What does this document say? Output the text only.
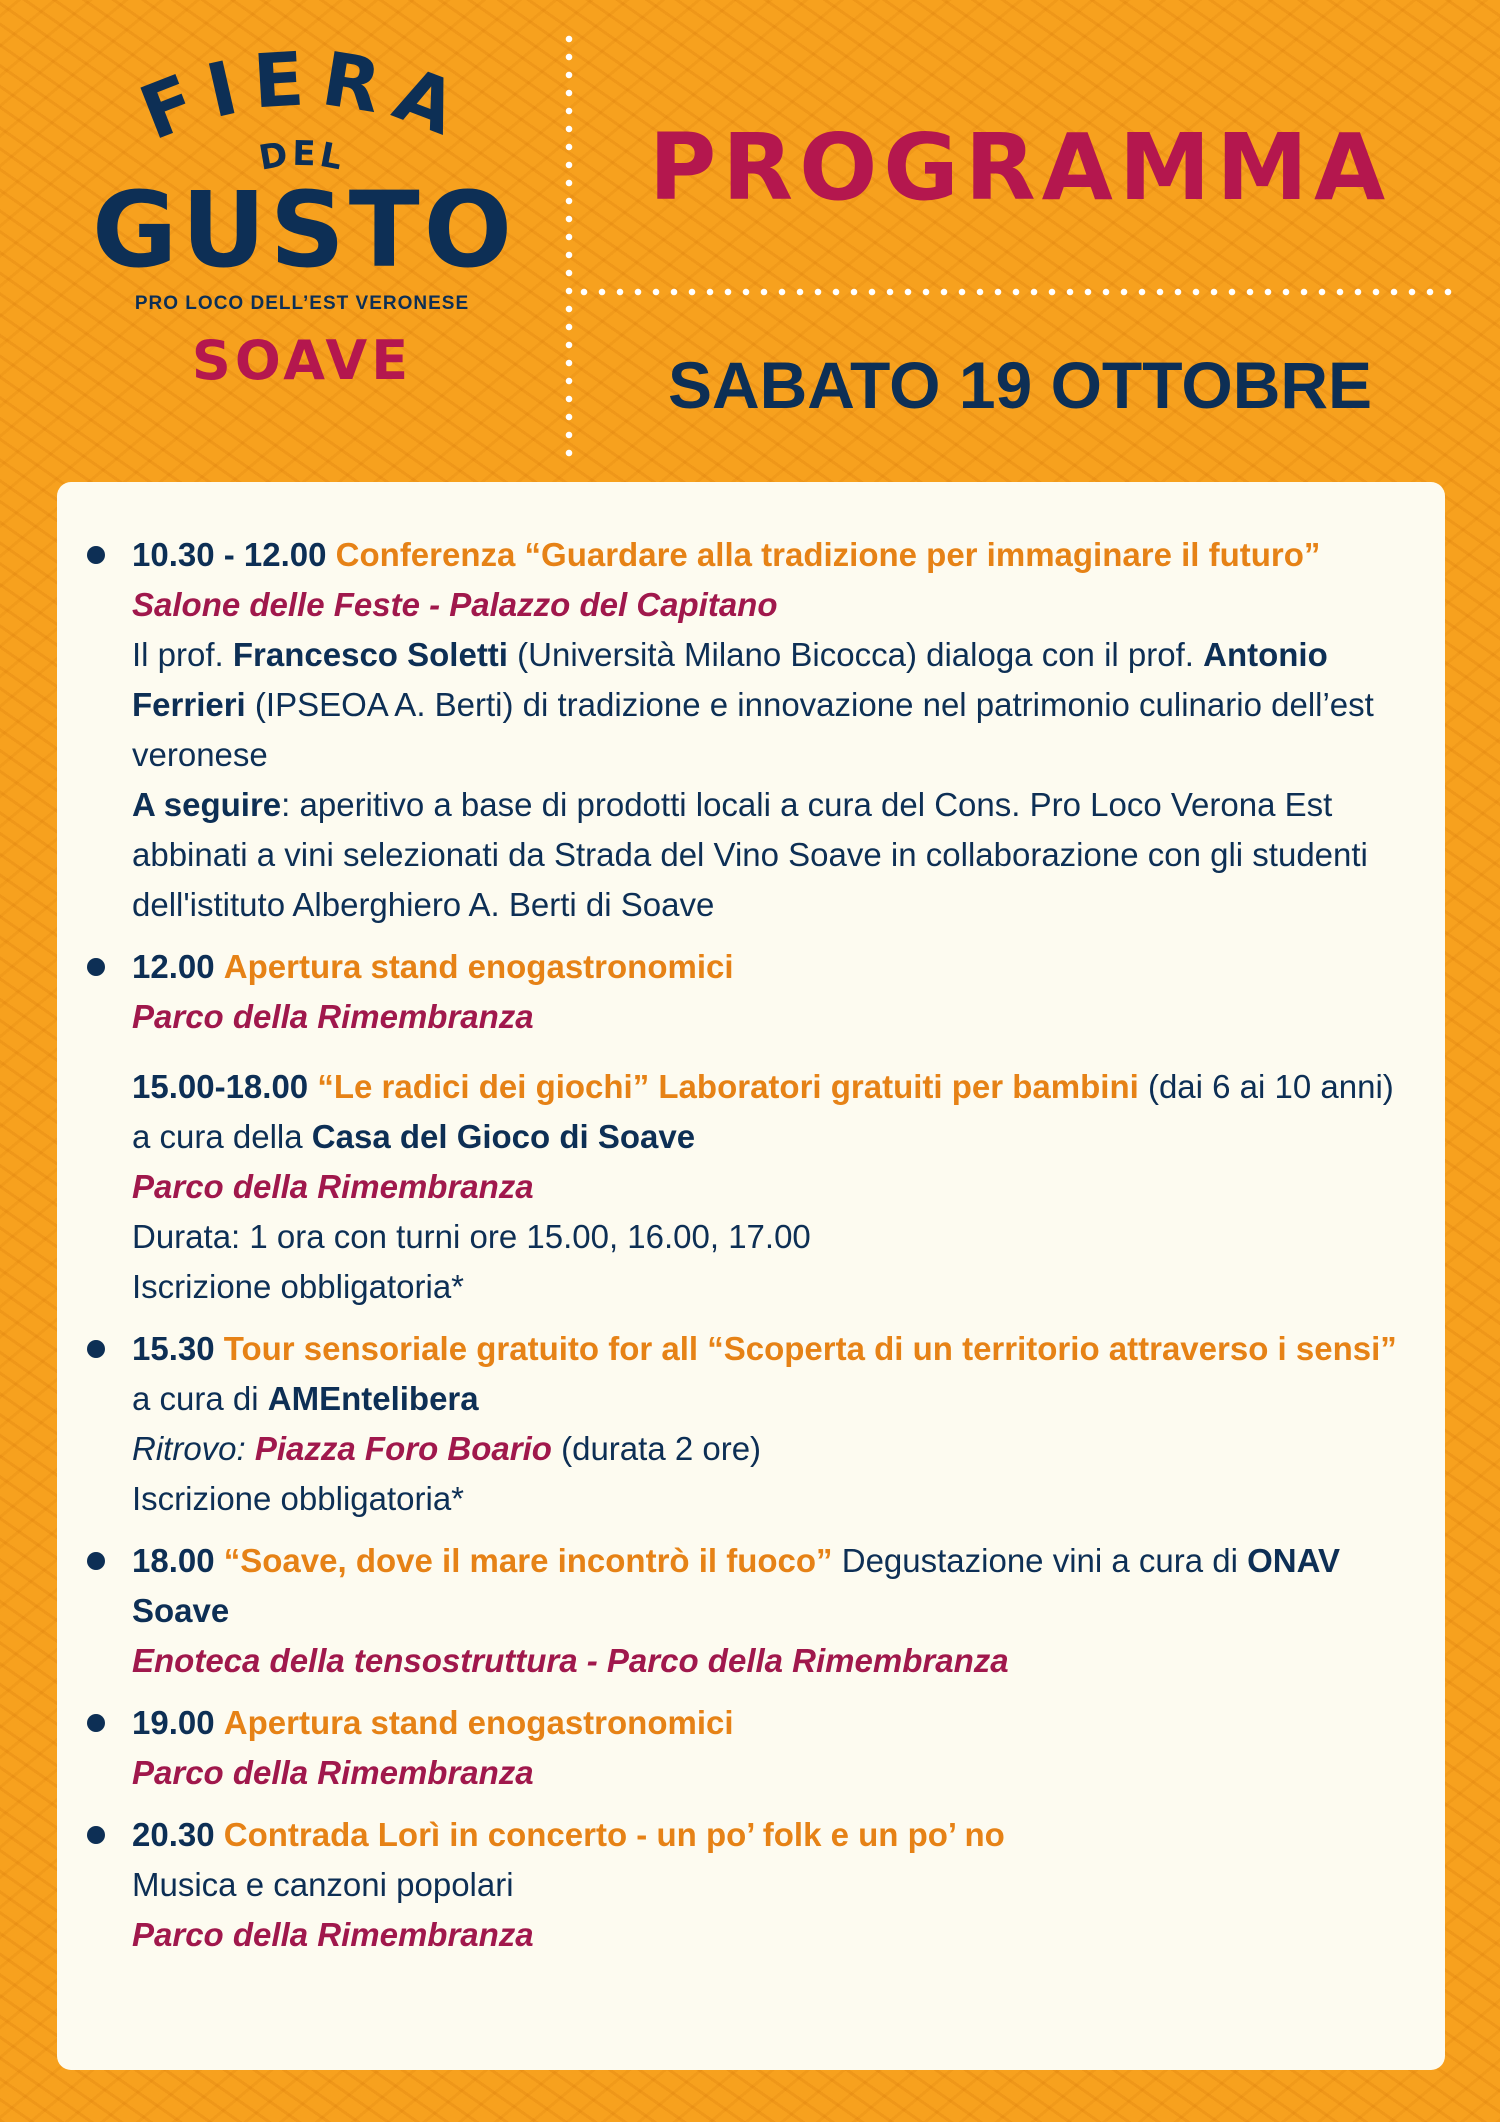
FIERA
DEL
GUSTO
PRO LOCO DELL’EST VERONESE
SOAVE
PROGRAMMA
SABATO 19 OTTOBRE

10.30 - 12.00 Conferenza “Guardare alla tradizione per immaginare il futuro”

Salone delle Feste - Palazzo del Capitano

Il prof. Francesco Soletti (Università Milano Bicocca) dialoga con il prof. Antonio Ferrieri (IPSEOA A. Berti) di tradizione e innovazione nel patrimonio culinario dell’est veronese

A seguire: aperitivo a base di prodotti locali a cura del Cons. Pro Loco Verona Est abbinati a vini selezionati da Strada del Vino Soave in collaborazione con gli studenti dell'istituto Alberghiero A. Berti di Soave

12.00 Apertura stand enogastronomici

Parco della Rimembranza

15.00-18.00 “Le radici dei giochi” Laboratori gratuiti per bambini (dai 6 ai 10 anni) a cura della Casa del Gioco di Soave

Parco della Rimembranza

Durata: 1 ora con turni ore 15.00, 16.00, 17.00

Iscrizione obbligatoria*

15.30 Tour sensoriale gratuito for all “Scoperta di un territorio attraverso i sensi” a cura di AMEntelibera

Ritrovo: Piazza Foro Boario (durata 2 ore)

Iscrizione obbligatoria*

18.00 “Soave, dove il mare incontrò il fuoco” Degustazione vini a cura di ONAV Soave

Enoteca della tensostruttura - Parco della Rimembranza

19.00 Apertura stand enogastronomici

Parco della Rimembranza

20.30 Contrada Lorì in concerto - un po’ folk e un po’ no

Musica e canzoni popolari

Parco della Rimembranza
